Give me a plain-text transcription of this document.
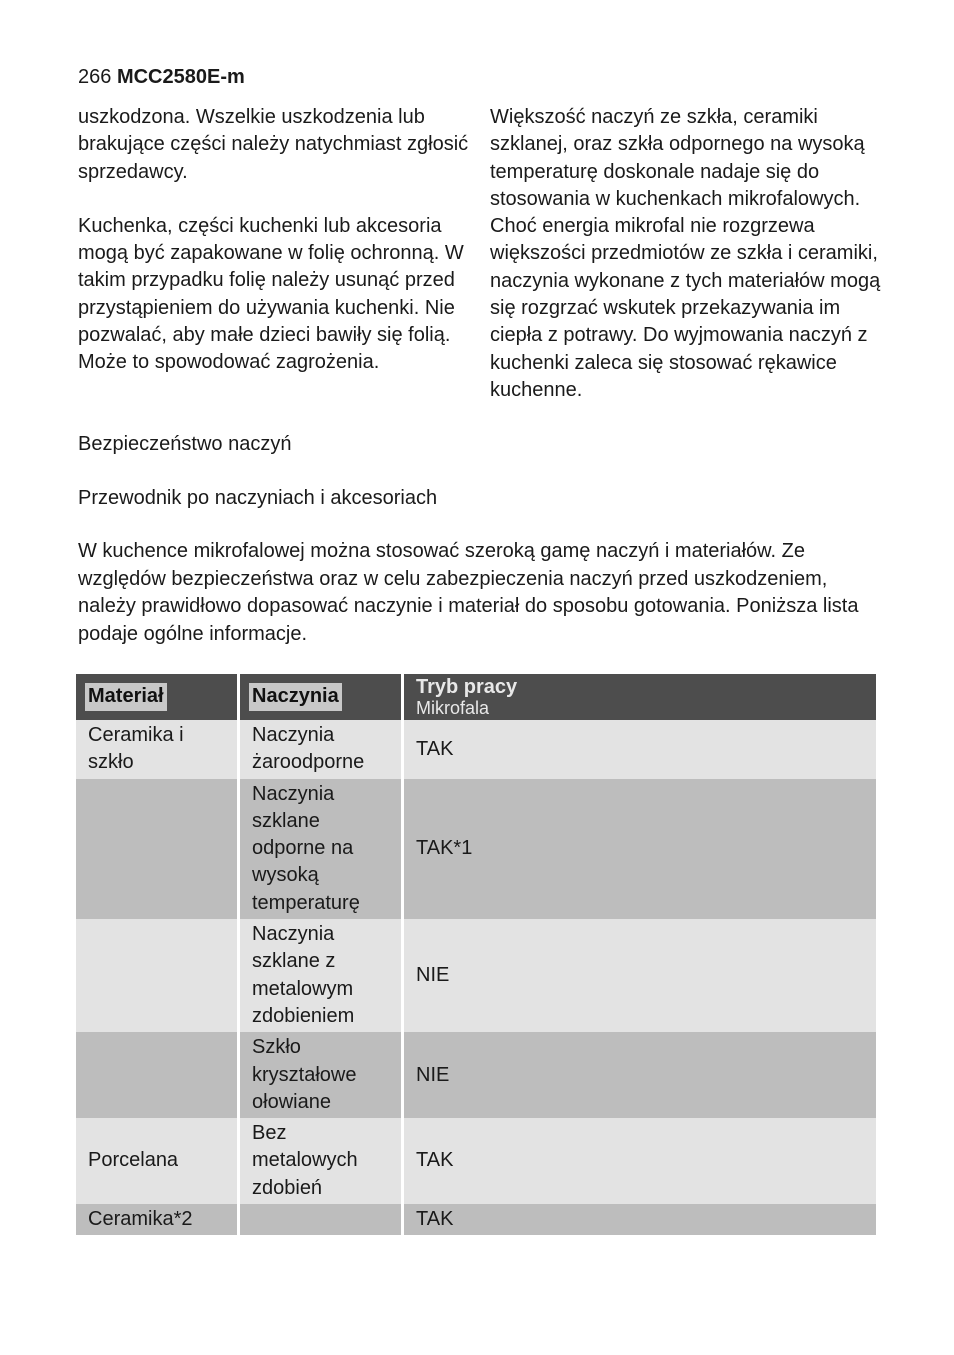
266 MCC2580E-m

uszkodzona. Wszelkie uszkodzenia lub brakujące części należy natychmiast zgłosić sprzedawcy.

Kuchenka, części kuchenki lub akcesoria mogą być zapakowane w folię ochronną. W takim przypadku folię należy usunąć przed przystąpieniem do używania kuchenki. Nie pozwalać, aby małe dzieci bawiły się folią. Może to spowodować zagrożenia.

Większość naczyń ze szkła, ceramiki szklanej, oraz szkła odpornego na wysoką temperaturę doskonale nadaje się do stosowania w kuchenkach mikrofalowych. Choć energia mikrofal nie rozgrzewa większości przedmiotów ze szkła i ceramiki, naczynia wykonane z tych materiałów mogą się rozgrzać wskutek przekazywania im ciepła z potrawy. Do wyjmowania naczyń z kuchenki zaleca się stosować rękawice kuchenne.

Bezpieczeństwo naczyń
Przewodnik po naczyniach i akcesoriach

W kuchence mikrofalowej można stosować szeroką gamę naczyń i materiałów. Ze względów bezpieczeństwa oraz w celu zabezpieczenia naczyń przed uszkodzeniem, należy prawidłowo dopasować naczynie i materiał do sposobu gotowania. Poniższa lista podaje ogólne informacje.

Materiał	Naczynia	Tryb pracy
Mikrofala

Ceramika i szkło	Naczynia żaroodporne	TAK
	Naczynia szklane odporne na wysoką temperaturę	TAK*1
	Naczynia szklane z metalowym zdobieniem	NIE
	Szkło kryształowe ołowiane	NIE
Porcelana	Bez metalowych zdobień	TAK
Ceramika*2		TAK
